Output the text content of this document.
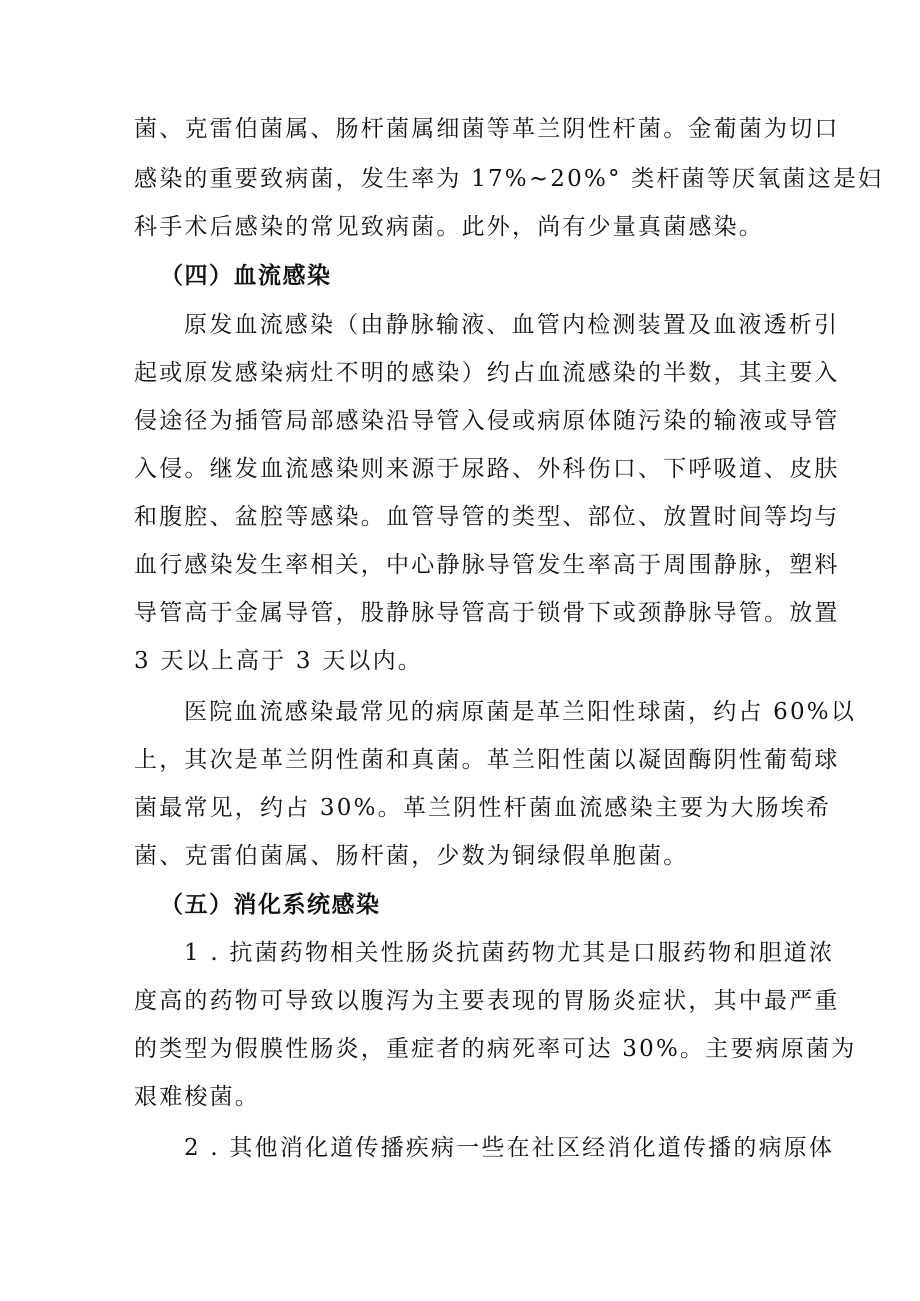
菌、克雷伯菌属、肠杆菌属细菌等革兰阴性杆菌。金葡菌为切口
感染的重要致病菌，发生率为 17%~20%° 类杆菌等厌氧菌这是妇
科手术后感染的常见致病菌。此外，尚有少量真菌感染。
（四）血流感染
原发血流感染（由静脉输液、血管内检测装置及血液透析引
起或原发感染病灶不明的感染）约占血流感染的半数，其主要入
侵途径为插管局部感染沿导管入侵或病原体随污染的输液或导管
入侵。继发血流感染则来源于尿路、外科伤口、下呼吸道、皮肤
和腹腔、盆腔等感染。血管导管的类型、部位、放置时间等均与
血行感染发生率相关，中心静脉导管发生率高于周围静脉，塑料
导管高于金属导管，股静脉导管高于锁骨下或颈静脉导管。放置
3 天以上高于 3 天以内。
医院血流感染最常见的病原菌是革兰阳性球菌，约占 60%以
上，其次是革兰阴性菌和真菌。革兰阳性菌以凝固酶阴性葡萄球
菌最常见，约占 30%。革兰阴性杆菌血流感染主要为大肠埃希
菌、克雷伯菌属、肠杆菌，少数为铜绿假单胞菌。
（五）消化系统感染
1 . 抗菌药物相关性肠炎抗菌药物尤其是口服药物和胆道浓
度高的药物可导致以腹泻为主要表现的胃肠炎症状，其中最严重
的类型为假膜性肠炎，重症者的病死率可达 30%。主要病原菌为
艰难梭菌。
2 . 其他消化道传播疾病一些在社区经消化道传播的病原体
